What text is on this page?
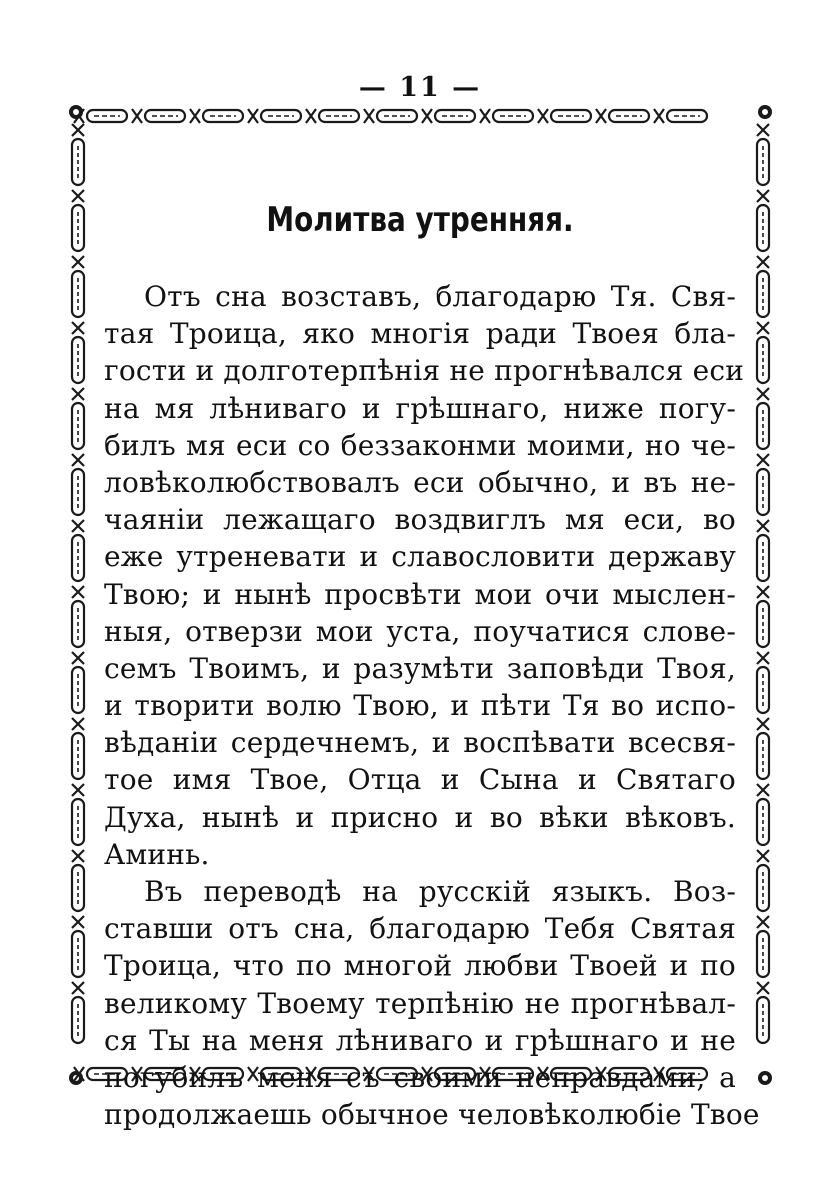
— 11 —
Молитва утренняя.
Отъ сна возставъ, благодарю Тя. Свя-
тая Троица, яко многія ради Твоея бла-
гости и долготерпѣнія не прогнѣвался еси
на мя лѣниваго и грѣшнаго, ниже погу-
билъ мя еси со беззаконми моими, но че-
ловѣколюбствовалъ еси обычно, и въ не-
чаяніи лежащаго воздвиглъ мя еси, во
еже утреневати и славословити державу
Твою; и нынѣ просвѣти мои очи мыслен-
ныя, отверзи мои уста, поучатися слове-
семъ Твоимъ, и разумѣти заповѣди Твоя,
и творити волю Твою, и пѣти Тя во испо-
вѣданіи сердечнемъ, и воспѣвати всесвя-
тое имя Твое, Отца и Сына и Святаго
Духа, нынѣ и присно и во вѣки вѣковъ.
Аминь.
Въ переводѣ на русскій языкъ. Воз-
ставши отъ сна, благодарю Тебя Святая
Троица, что по многой любви Твоей и по
великому Твоему терпѣнію не прогнѣвал-
ся Ты на меня лѣниваго и грѣшнаго и не
погубилъ меня съ своими неправдами, а
продолжаешь обычное человѣколюбіе Твое
